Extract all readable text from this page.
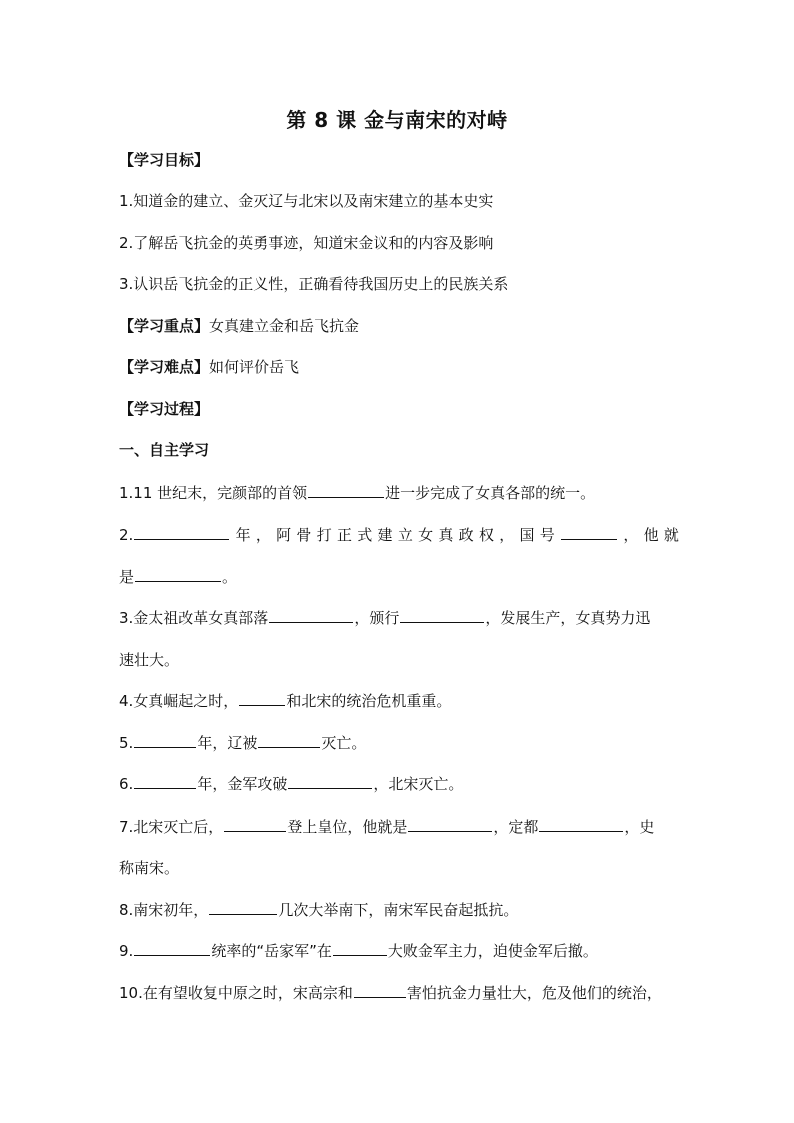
第 8 课 金与南宋的对峙
【学习目标】
1.知道金的建立、金灭辽与北宋以及南宋建立的基本史实
2.了解岳飞抗金的英勇事迹，知道宋金议和的内容及影响
3.认识岳飞抗金的正义性，正确看待我国历史上的民族关系
【学习重点】女真建立金和岳飞抗金
【学习难点】如何评价岳飞
【学习过程】
一、自主学习
1.11 世纪末，完颜部的首领	进一步完成了女真各部的统一。
2.	年 ， 阿 骨 打 正 式 建 立 女 真 政 权 ， 国 号	， 他 就
是	。
3.金太祖改革女真部落	，颁行	，发展生产，女真势力迅
速壮大。
4.女真崛起之时，	和北宋的统治危机重重。
5.	年，辽被	灭亡。
6.	年，金军攻破	，北宋灭亡。
7.北宋灭亡后，	登上皇位，他就是	，定都	，史
称南宋。
8.南宋初年，	几次大举南下，南宋军民奋起抵抗。
9.	统率的“岳家军”在	大败金军主力，迫使金军后撤。
10.在有望收复中原之时，宋高宗和	害怕抗金力量壮大，危及他们的统治，
